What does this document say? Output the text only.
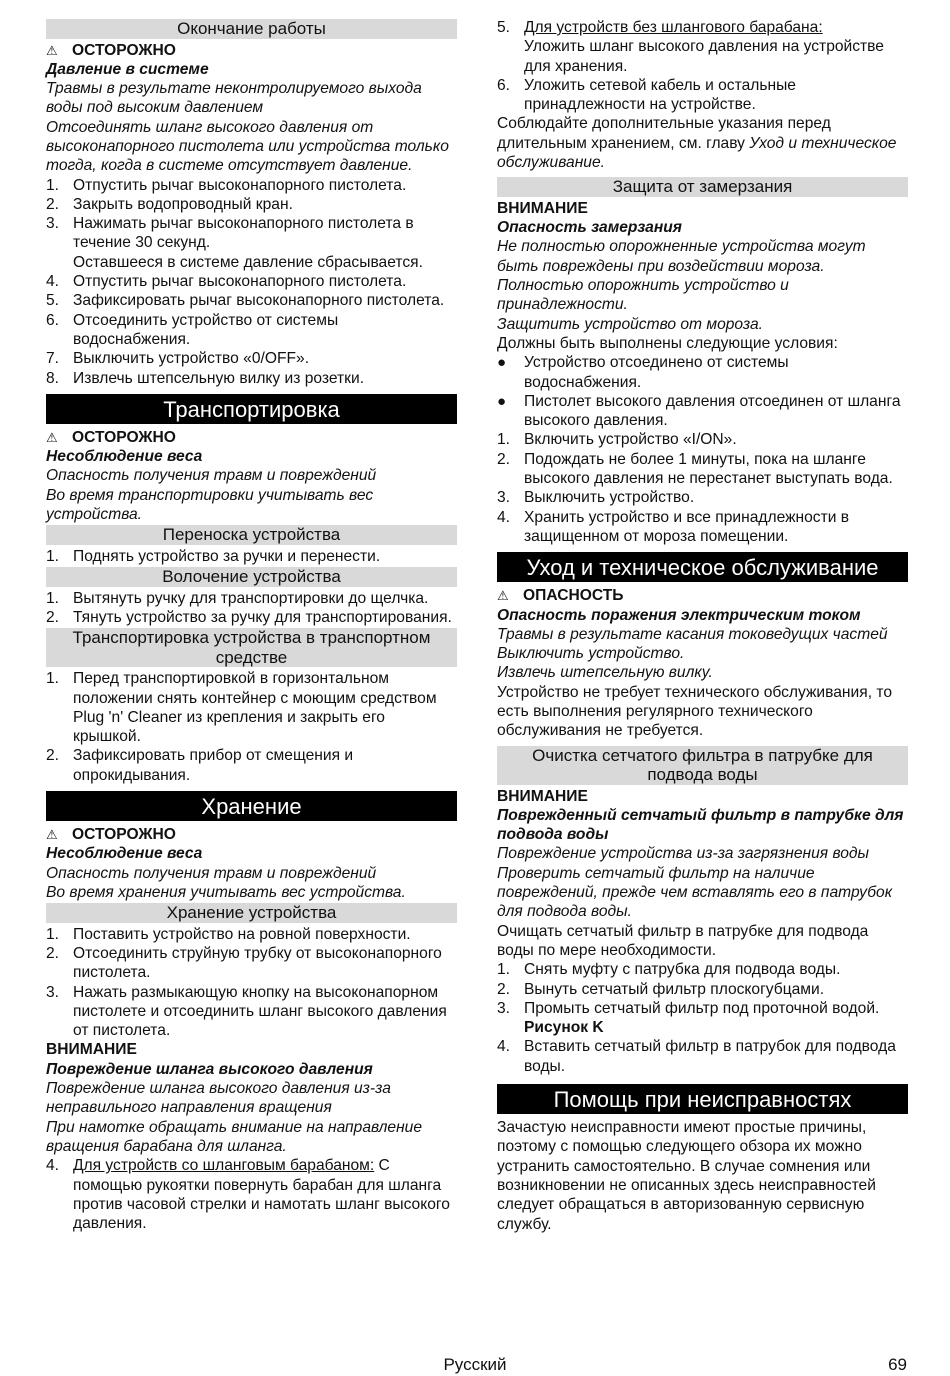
Окончание работы

⚠ ОСТОРОЖНО

Давление в системе

Травмы в результате неконтролируемого выхода воды под высоким давлением

Отсоединять шланг высокого давления от высоконапорного пистолета или устройства только тогда, когда в системе отсутствует давление.

1. Отпустить рычаг высоконапорного пистолета.
2. Закрыть водопроводный кран.
3. Нажимать рычаг высоконапорного пистолета в течение 30 секунд.
Оставшееся в системе давление сбрасывается.
4. Отпустить рычаг высоконапорного пистолета.
5. Зафиксировать рычаг высоконапорного пистолета.
6. Отсоединить устройство от системы водоснабжения.
7. Выключить устройство «0/OFF».
8. Извлечь штепсельную вилку из розетки.
Транспортировка

⚠ ОСТОРОЖНО

Несоблюдение веса

Опасность получения травм и повреждений

Во время транспортировки учитывать вес устройства.

Переноска устройства
1. Поднять устройство за ручки и перенести.
Волочение устройства
1. Вытянуть ручку для транспортировки до щелчка.
2. Тянуть устройство за ручку для транспортирования.
Транспортировка устройства в транспортном средстве
1. Перед транспортировкой в горизонтальном положении снять контейнер с моющим средством Plug 'n' Cleaner из крепления и закрыть его крышкой.
2. Зафиксировать прибор от смещения и опрокидывания.
Хранение

⚠ ОСТОРОЖНО

Несоблюдение веса

Опасность получения травм и повреждений

Во время хранения учитывать вес устройства.

Хранение устройства
1. Поставить устройство на ровной поверхности.
2. Отсоединить струйную трубку от высоконапорного пистолета.
3. Нажать размыкающую кнопку на высоконапорном пистолете и отсоединить шланг высокого давления от пистолета.

ВНИМАНИЕ

Повреждение шланга высокого давления

Повреждение шланга высокого давления из-за неправильного направления вращения

При намотке обращать внимание на направление вращения барабана для шланга.

4. Для устройств со шланговым барабаном: С помощью рукоятки повернуть барабан для шланга против часовой стрелки и намотать шланг высокого давления.
5. Для устройств без шлангового барабана:
Уложить шланг высокого давления на устройстве для хранения.
6. Уложить сетевой кабель и остальные принадлежности на устройстве.

Соблюдайте дополнительные указания перед длительным хранением, см. главу Уход и техническое обслуживание.

Защита от замерзания

ВНИМАНИЕ

Опасность замерзания

Не полностью опорожненные устройства могут быть повреждены при воздействии мороза.

Полностью опорожнить устройство и принадлежности.

Защитить устройство от мороза.

Должны быть выполнены следующие условия:

●	Устройство отсоединено от системы водоснабжения.
●	Пистолет высокого давления отсоединен от шланга высокого давления.
1. Включить устройство «I/ON».
2. Подождать не более 1 минуты, пока на шланге высокого давления не перестанет выступать вода.
3. Выключить устройство.
4. Хранить устройство и все принадлежности в защищенном от мороза помещении.
Уход и техническое обслуживание

⚠ ОПАСНОСТЬ

Опасность поражения электрическим током

Травмы в результате касания токоведущих частей

Выключить устройство.

Извлечь штепсельную вилку.

Устройство не требует технического обслуживания, то есть выполнения регулярного технического обслуживания не требуется.

Очистка сетчатого фильтра в патрубке для подвода воды

ВНИМАНИЕ

Поврежденный сетчатый фильтр в патрубке для подвода воды

Повреждение устройства из-за загрязнения воды

Проверить сетчатый фильтр на наличие повреждений, прежде чем вставлять его в патрубок для подвода воды.

Очищать сетчатый фильтр в патрубке для подвода воды по мере необходимости.

1. Снять муфту с патрубка для подвода воды.
2. Вынуть сетчатый фильтр плоскогубцами.
3. Промыть сетчатый фильтр под проточной водой.
Рисунок K
4. Вставить сетчатый фильтр в патрубок для подвода воды.
Помощь при неисправностях

Зачастую неисправности имеют простые причины, поэтому с помощью следующего обзора их можно устранить самостоятельно. В случае сомнения или возникновении не описанных здесь неисправностей следует обращаться в авторизованную сервисную службу.

Русский	69
